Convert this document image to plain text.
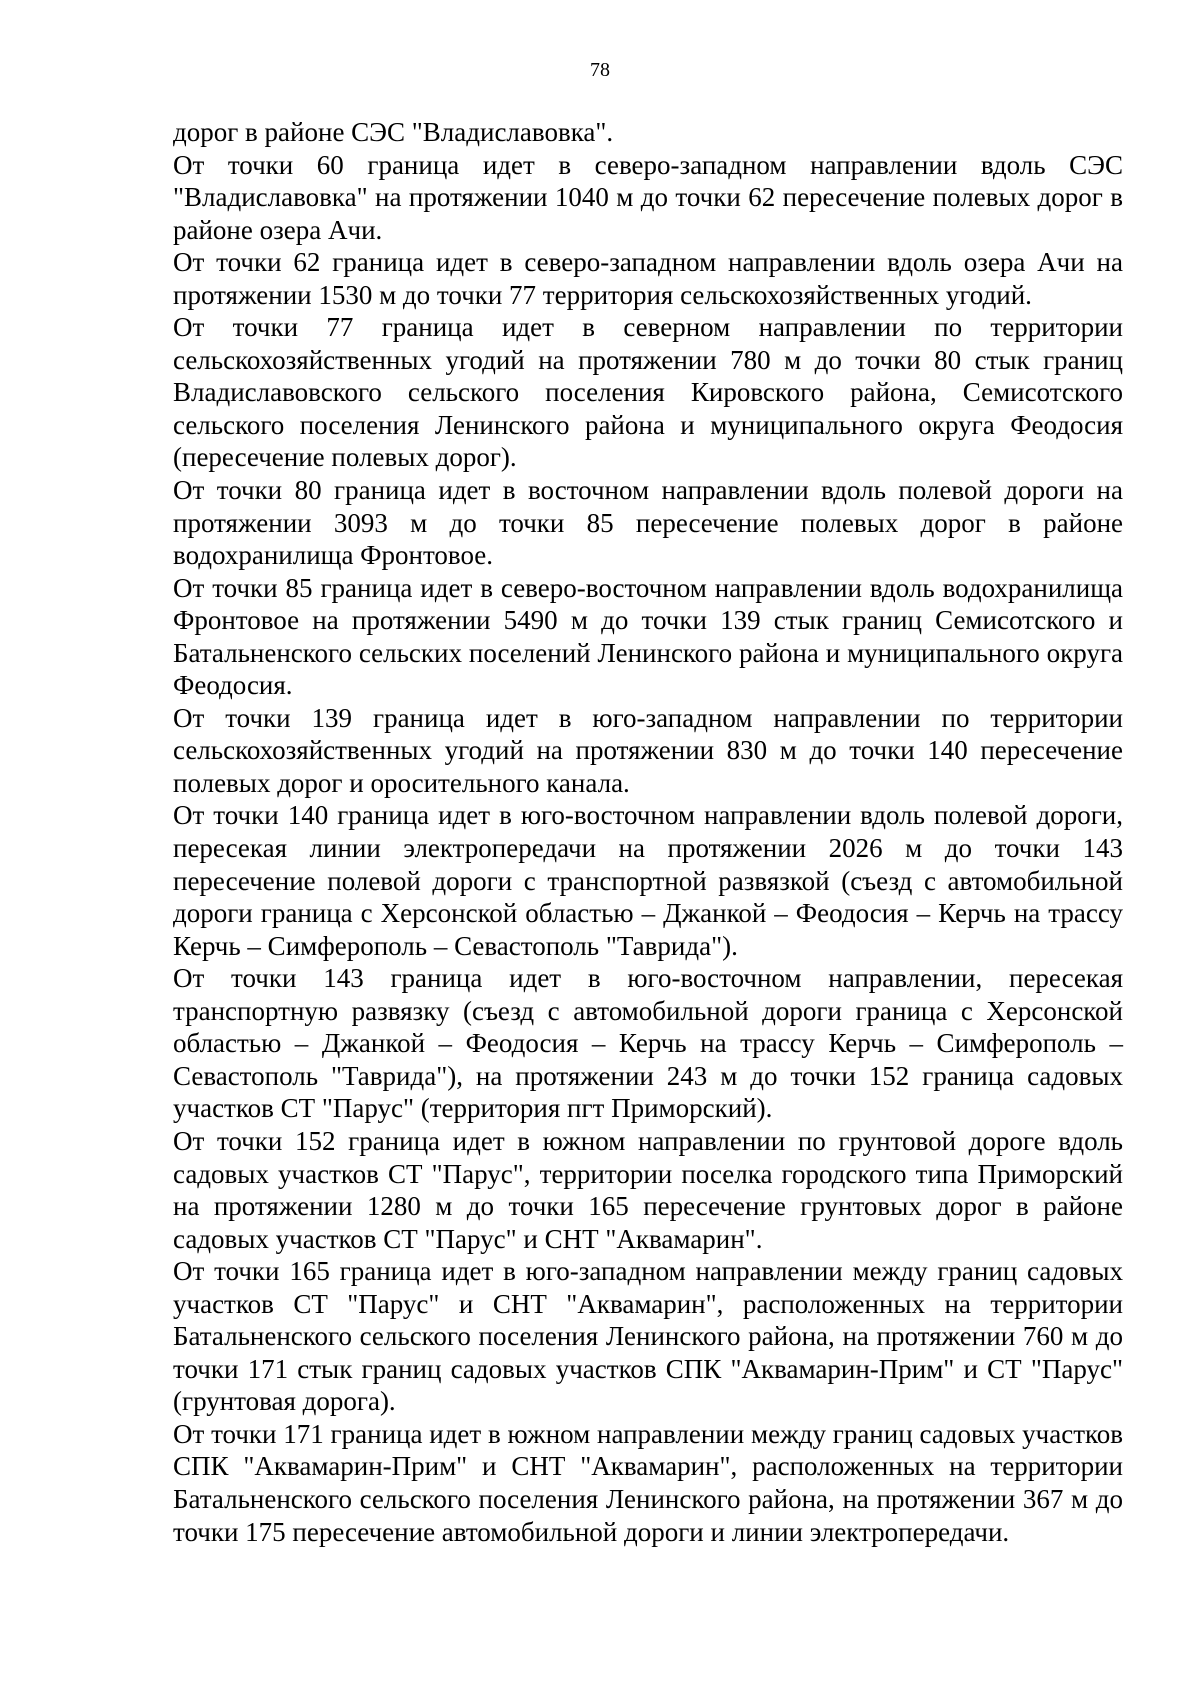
78

дорог в районе СЭС "Владиславовка".

От точки 60 граница идет в северо-западном направлении вдоль СЭС "Владиславовка" на протяжении 1040 м до точки 62 пересечение полевых дорог в районе озера Ачи.

От точки 62 граница идет в северо-западном направлении вдоль озера Ачи на протяжении 1530 м до точки 77 территория сельскохозяйственных угодий.

От точки 77 граница идет в северном направлении по территории сельскохозяйственных угодий на протяжении 780 м до точки 80 стык границ Владиславовского сельского поселения Кировского района, Семисотского сельского поселения Ленинского района и муниципального округа Феодосия (пересечение полевых дорог).

От точки 80 граница идет в восточном направлении вдоль полевой дороги на протяжении 3093 м до точки 85 пересечение полевых дорог в районе водохранилища Фронтовое.

От точки 85 граница идет в северо-восточном направлении вдоль водохранилища Фронтовое на протяжении 5490 м до точки 139 стык границ Семисотского и Батальненского сельских поселений Ленинского района и муниципального округа Феодосия.

От точки 139 граница идет в юго-западном направлении по территории сельскохозяйственных угодий на протяжении 830 м до точки 140 пересечение полевых дорог и оросительного канала.

От точки 140 граница идет в юго-восточном направлении вдоль полевой дороги, пересекая линии электропередачи на протяжении 2026 м до точки 143 пересечение полевой дороги с транспортной развязкой (съезд с автомобильной дороги граница с Херсонской областью – Джанкой – Феодосия – Керчь на трассу Керчь – Симферополь – Севастополь "Таврида").

От точки 143 граница идет в юго-восточном направлении, пересекая транспортную развязку (съезд с автомобильной дороги граница с Херсонской областью – Джанкой – Феодосия – Керчь на трассу Керчь – Симферополь – Севастополь "Таврида"), на протяжении 243 м до точки 152 граница садовых участков СТ "Парус" (территория пгт Приморский).

От точки 152 граница идет в южном направлении по грунтовой дороге вдоль садовых участков СТ "Парус", территории поселка городского типа Приморский на протяжении 1280 м до точки 165 пересечение грунтовых дорог в районе садовых участков СТ "Парус" и СНТ "Аквамарин".

От точки 165 граница идет в юго-западном направлении между границ садовых участков СТ "Парус" и СНТ "Аквамарин", расположенных на территории Батальненского сельского поселения Ленинского района, на протяжении 760 м до точки 171 стык границ садовых участков СПК "Аквамарин-Прим" и СТ "Парус" (грунтовая дорога).

От точки 171 граница идет в южном направлении между границ садовых участков СПК "Аквамарин-Прим" и СНТ "Аквамарин", расположенных на территории Батальненского сельского поселения Ленинского района, на протяжении 367 м до точки 175 пересечение автомобильной дороги и линии электропередачи.
